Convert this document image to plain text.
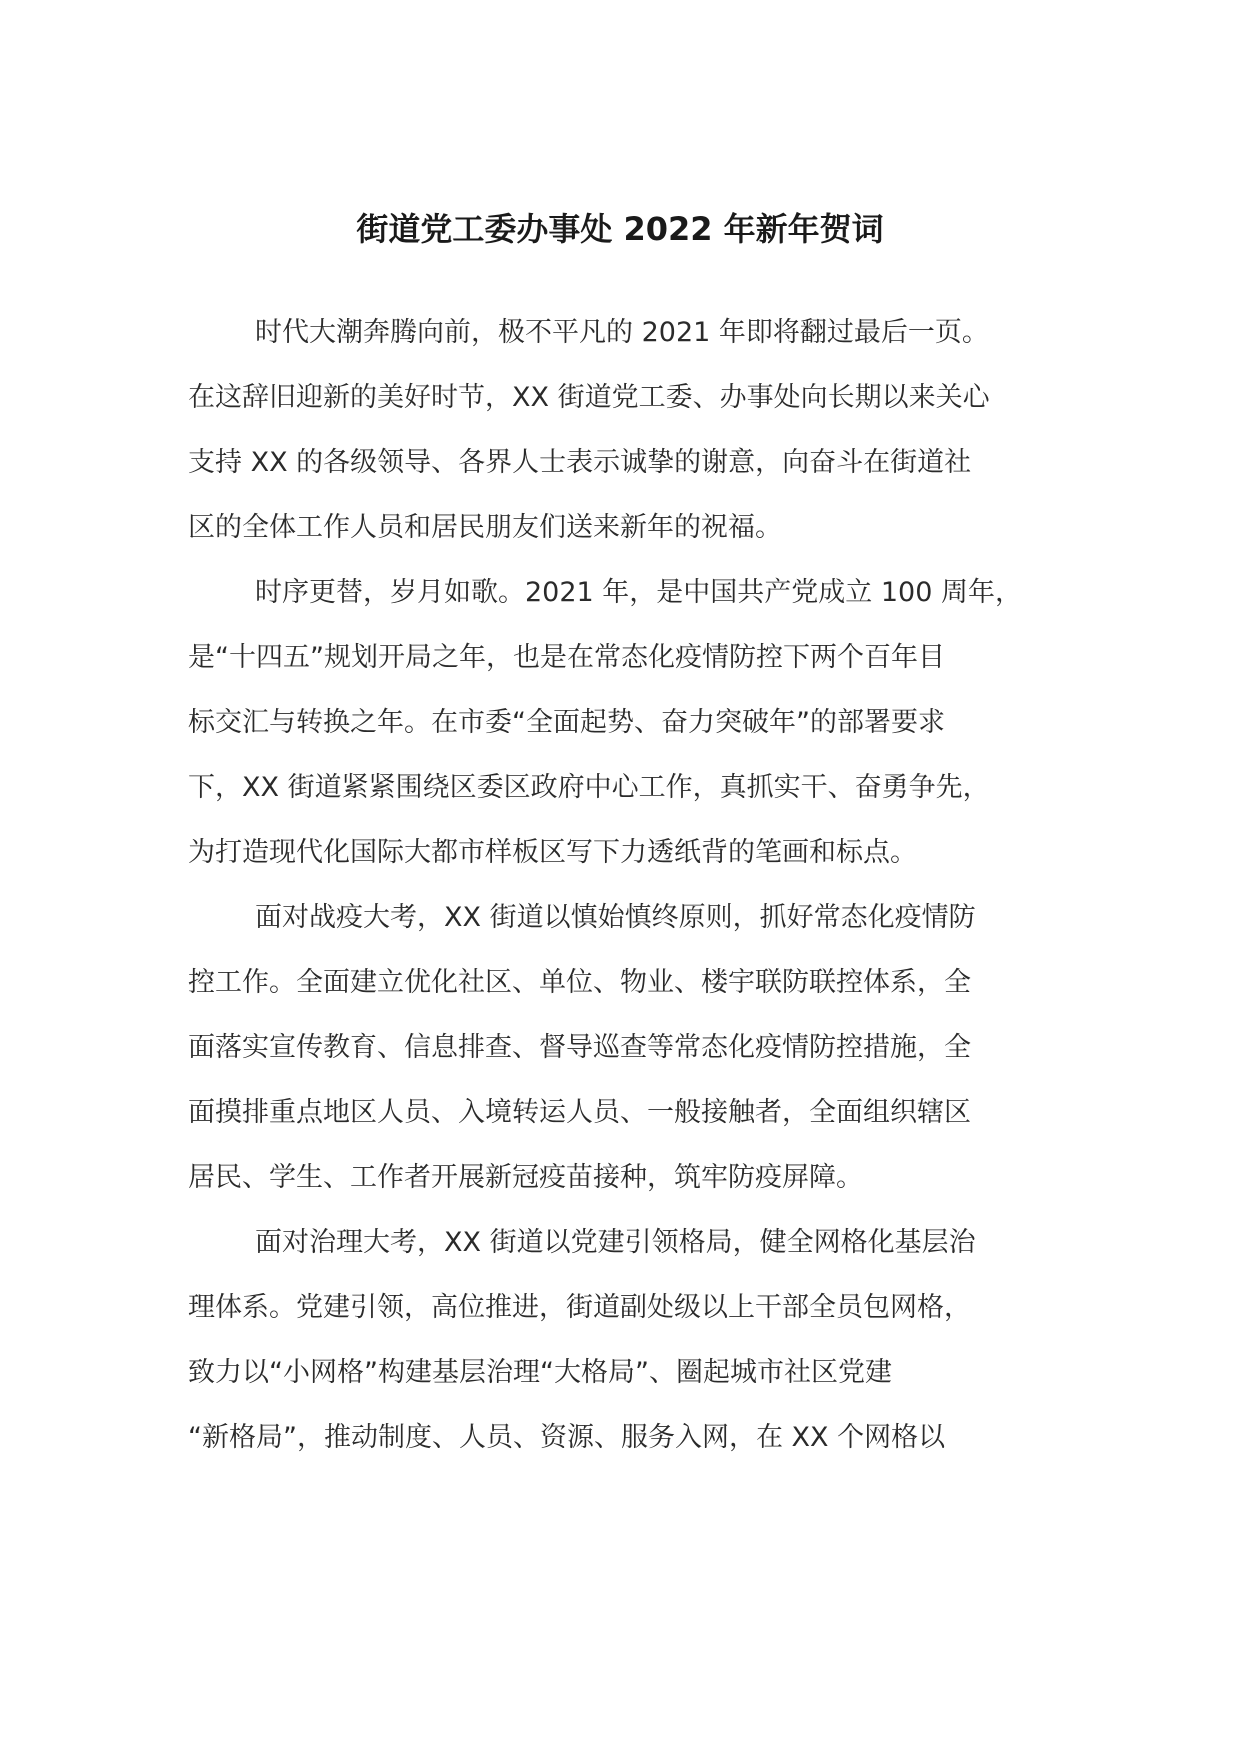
街道党工委办事处 2022 年新年贺词

时代大潮奔腾向前，极不平凡的 2021 年即将翻过最后一页。
在这辞旧迎新的美好时节，XX 街道党工委、办事处向长期以来关心
支持 XX 的各级领导、各界人士表示诚挚的谢意，向奋斗在街道社
区的全体工作人员和居民朋友们送来新年的祝福。

时序更替，岁月如歌。2021 年，是中国共产党成立 100 周年，
是“十四五”规划开局之年，也是在常态化疫情防控下两个百年目
标交汇与转换之年。在市委“全面起势、奋力突破年”的部署要求
下，XX 街道紧紧围绕区委区政府中心工作，真抓实干、奋勇争先，
为打造现代化国际大都市样板区写下力透纸背的笔画和标点。

面对战疫大考，XX 街道以慎始慎终原则，抓好常态化疫情防
控工作。全面建立优化社区、单位、物业、楼宇联防联控体系，全
面落实宣传教育、信息排查、督导巡查等常态化疫情防控措施，全
面摸排重点地区人员、入境转运人员、一般接触者，全面组织辖区
居民、学生、工作者开展新冠疫苗接种，筑牢防疫屏障。

面对治理大考，XX 街道以党建引领格局，健全网格化基层治
理体系。党建引领，高位推进，街道副处级以上干部全员包网格，
致力以“小网格”构建基层治理“大格局”、圈起城市社区党建
“新格局”，推动制度、人员、资源、服务入网，在 XX 个网格以
